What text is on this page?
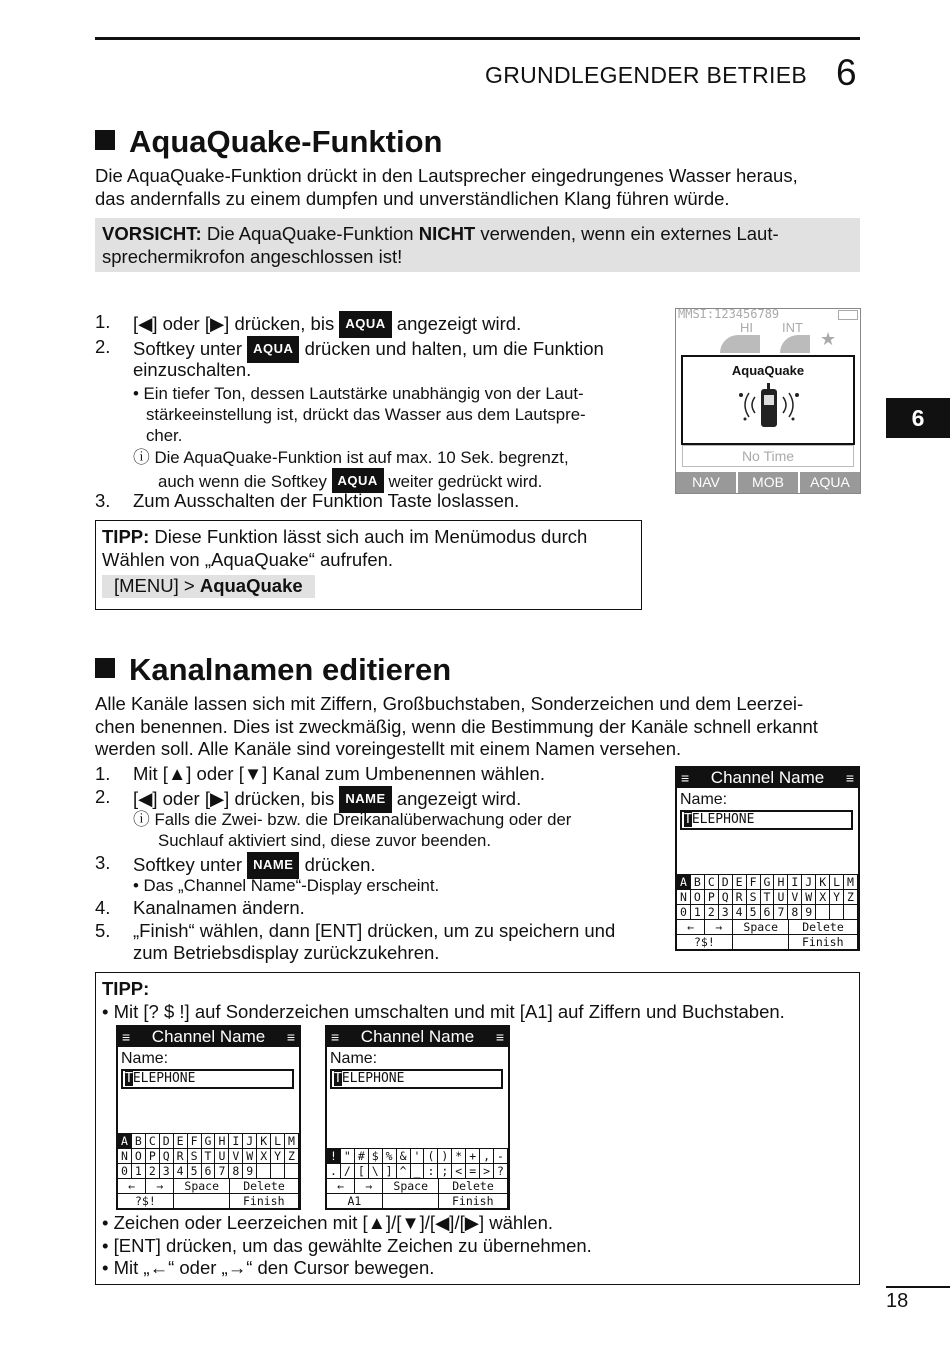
GRUNDLEGENDER BETRIEB 6
6
AquaQuake-Funktion
Die AquaQuake-Funktion drückt in den Lautsprecher eingedrungenes Wasser heraus,
das andernfalls zu einem dumpfen und unverständlichen Klang führen würde.
VORSICHT: Die AquaQuake-Funktion NICHT verwenden, wenn ein externes Laut-
sprechermikrofon angeschlossen ist!
1. [◀] oder [▶] drücken, bis AQUA angezeigt wird.
2. Softkey unter AQUA drücken und halten, um die Funktion
einzuschalten.
• Ein tiefer Ton, dessen Lautstärke unabhängig von der Laut-
stärkeeinstellung ist, drückt das Wasser aus dem Lautspre-
cher.
ⓘ Die AquaQuake-Funktion ist auf max. 10 Sek. begrenzt,
auch wenn die Softkey AQUA weiter gedrückt wird.
3. Zum Ausschalten der Funktion Taste loslassen.
MMSI:123456789
HI INT
★
AquaQuake
No Time
NAV	MOB	AQUA
TIPP: Diese Funktion lässt sich auch im Menümodus durch
Wählen von „AquaQuake“ aufrufen.
[MENU] > AquaQuake
Kanalnamen editieren
Alle Kanäle lassen sich mit Ziffern, Großbuchstaben, Sonderzeichen und dem Leerzei-
chen benennen. Dies ist zweckmäßig, wenn die Bestimmung der Kanäle schnell erkannt
werden soll. Alle Kanäle sind voreingestellt mit einem Namen versehen.
1. Mit [▲] oder [▼] Kanal zum Umbenennen wählen.
2. [◀] oder [▶] drücken, bis NAME angezeigt wird.
ⓘ Falls die Zwei- bzw. die Dreikanalüberwachung oder der
Suchlauf aktiviert sind, diese zuvor beenden.
3. Softkey unter NAME drücken.
• Das „Channel Name“-Display erscheint.
4. Kanalnamen ändern.
5. „Finish“ wählen, dann [ENT] drücken, um zu speichern und
zum Betriebsdisplay zurückzukehren.
≡ Channel Name ≡
Name:
TELEPHONE
A B C D E F G H I J K L M
N O P Q R S T U V W X Y Z
0 1 2 3 4 5 6 7 8 9
←	→	Space	Delete
?$!	Finish
TIPP:
• Mit [? $ !] auf Sonderzeichen umschalten und mit [A1] auf Ziffern und Buchstaben.
• Zeichen oder Leerzeichen mit [▲]/[▼]/[◀]/[▶] wählen.
• [ENT] drücken, um das gewählte Zeichen zu übernehmen.
• Mit „←“ oder „→“ den Cursor bewegen.
≡ Channel Name ≡
Name:
TELEPHONE
A B C D E F G H I J K L M
N O P Q R S T U V W X Y Z
0 1 2 3 4 5 6 7 8 9
←	→	Space	Delete
?$!	Finish
≡ Channel Name ≡
Name:
TELEPHONE
! " # $ % & ' ( ) * + , -
. / [ \ ] ^ _ : ; < = > ?
←	→	Space	Delete
A1	Finish
18
